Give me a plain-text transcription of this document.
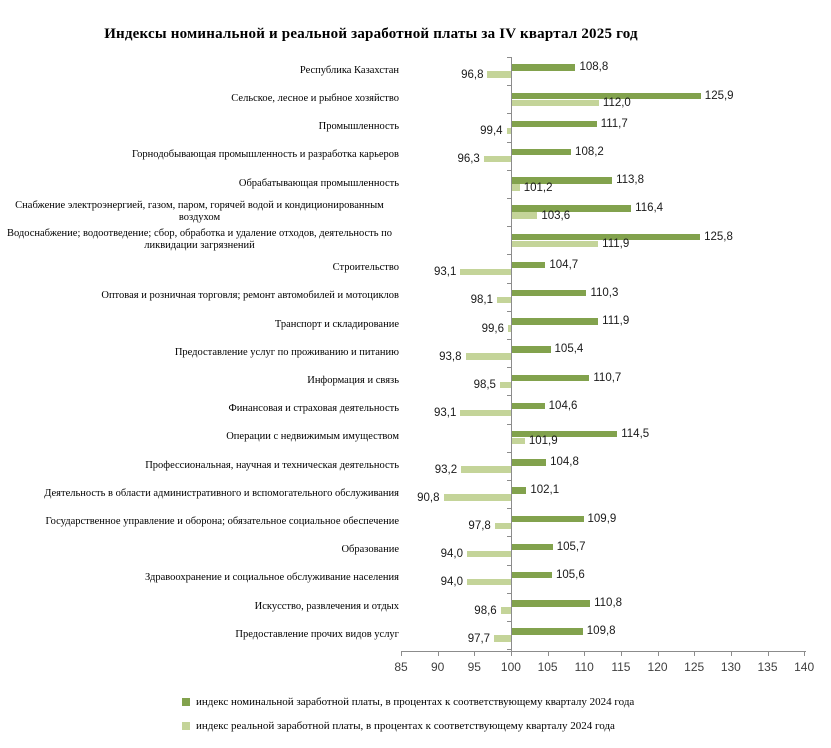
Индексы номинальной и реальной заработной платы за IV квартал 2025 год
Республика Казахстан	108,8
96,8
Сельское, лесное и рыбное хозяйство	125,9
112,0
Промышленность	111,7
99,4
Горнодобывающая промышленность и разработка карьеров	108,2
96,3
Обрабатывающая промышленность	113,8
101,2
Снабжение электроэнергией, газом, паром, горячей водой и кондиционированным воздухом
116,4
103,6
Водоснабжение; водоотведение; сбор, обработка и удаление отходов, деятельность по ликвидации загрязнений
125,8
111,9
Строительство	104,7
93,1
Оптовая и розничная торговля; ремонт автомобилей и мотоциклов	110,3
98,1
Транспорт и складирование	111,9
99,6
Предоставление услуг по проживанию и питанию	105,4
93,8
Информация и связь	110,7
98,5
Финансовая и страховая деятельность	104,6
93,1
Операции с недвижимым имуществом	114,5
101,9
Профессиональная, научная и техническая деятельность	104,8
93,2
Деятельность в области административного и вспомогательного обслуживания	102,1
90,8
Государственное управление и оборона; обязательное социальное обеспечение	109,9
97,8
Образование	105,7
94,0
Здравоохранение и социальное обслуживание населения	105,6
94,0
Искусство, развлечения и отдых	110,8
98,6
Предоставление прочих видов услуг	109,8
97,7
85	90	95	100	105	110	115	120	125	130	135	140
индекс номинальной заработной платы, в процентах к соответствующему кварталу 2024 года
индекс реальной заработной платы, в процентах к соответствующему кварталу 2024 года
